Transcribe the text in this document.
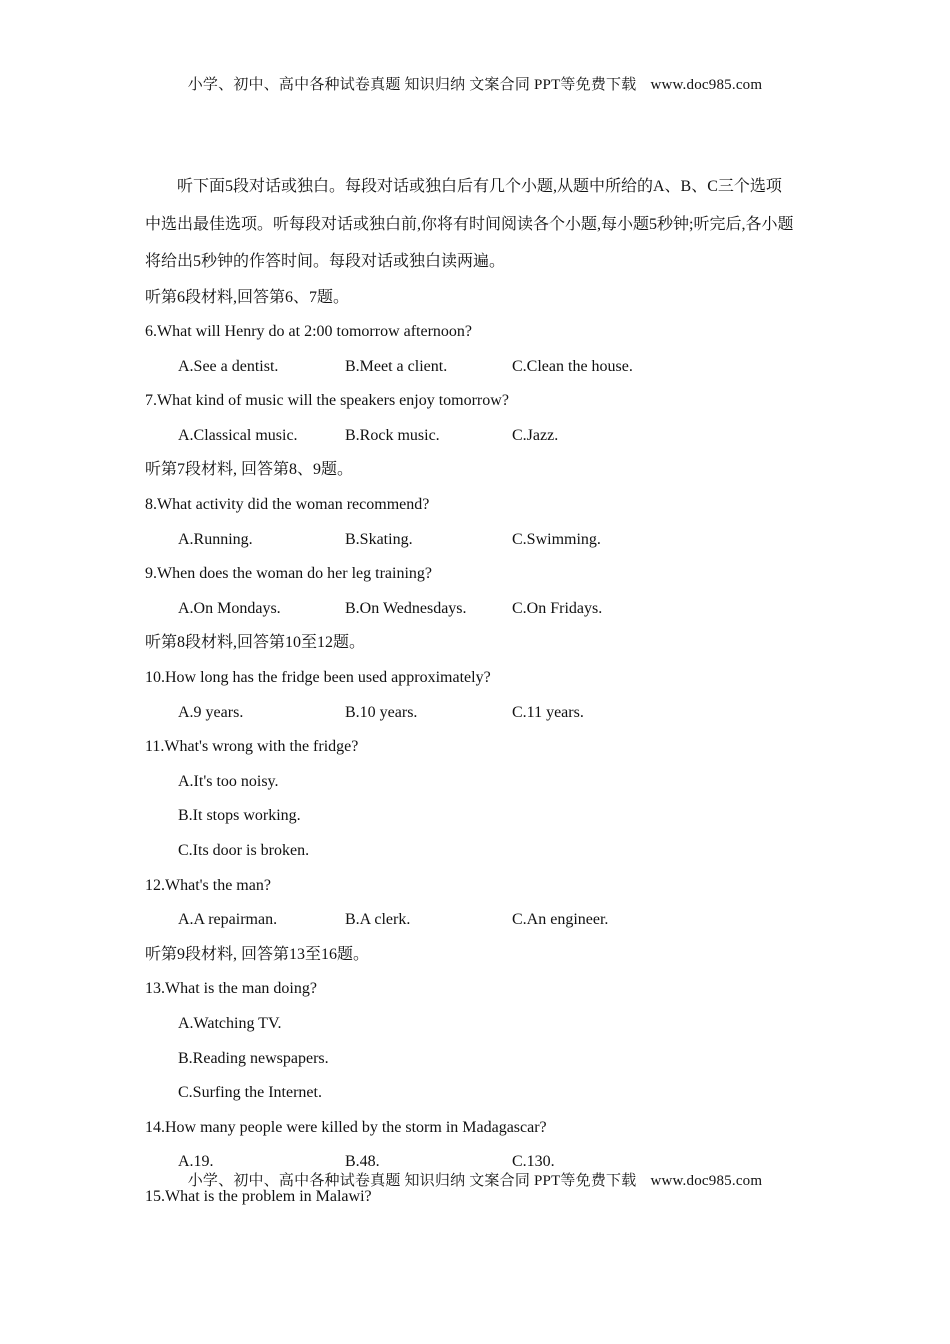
小学、初中、高中各种试卷真题 知识归纳 文案合同 PPT等免费下载 www.doc985.com

听下面5段对话或独白。每段对话或独白后有几个小题,从题中所给的A、B、C三个选项中选出最佳选项。听每段对话或独白前,你将有时间阅读各个小题,每小题5秒钟;听完后,各小题将给出5秒钟的作答时间。每段对话或独白读两遍。

听第6段材料,回答第6、7题。
6.What will Henry do at 2:00 tomorrow afternoon?
A.See a dentist.	B.Meet a client.	C.Clean the house.
7.What kind of music will the speakers enjoy tomorrow?
A.Classical music.	B.Rock music.	C.Jazz.
听第7段材料, 回答第8、9题。
8.What activity did the woman recommend?
A.Running.	B.Skating.	C.Swimming.
9.When does the woman do her leg training?
A.On Mondays.	B.On Wednesdays.	C.On Fridays.
听第8段材料,回答第10至12题。
10.How long has the fridge been used approximately?
A.9 years.	B.10 years.	C.11 years.
11.What's wrong with the fridge?
A.It's too noisy.
B.It stops working.
C.Its door is broken.
12.What's the man?
A.A repairman.	B.A clerk.	C.An engineer.
听第9段材料, 回答第13至16题。
13.What is the man doing?
A.Watching TV.
B.Reading newspapers.
C.Surfing the Internet.
14.How many people were killed by the storm in Madagascar?
A.19.	B.48.	C.130.
15.What is the problem in Malawi?
小学、初中、高中各种试卷真题 知识归纳 文案合同 PPT等免费下载 www.doc985.com
